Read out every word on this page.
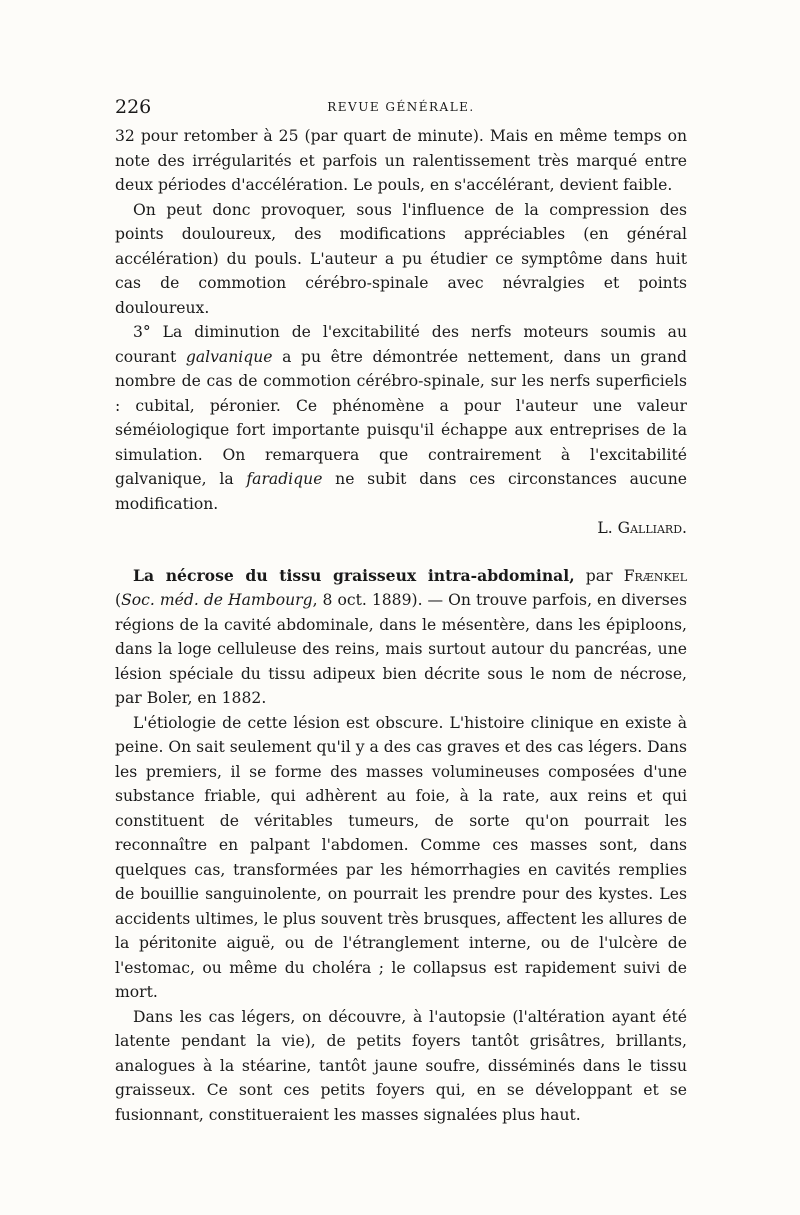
226	REVUE GÉNÉRALE.

32 pour retomber à 25 (par quart de minute). Mais en même temps on note des irrégularités et parfois un ralentissement très marqué entre deux périodes d'accélération. Le pouls, en s'accélérant, devient faible.

On peut donc provoquer, sous l'influence de la compression des points douloureux, des modifications appréciables (en général accélération) du pouls. L'auteur a pu étudier ce symptôme dans huit cas de commotion cérébro-spinale avec névralgies et points douloureux.

3° La diminution de l'excitabilité des nerfs moteurs soumis au courant galvanique a pu être démontrée nettement, dans un grand nombre de cas de commotion cérébro-spinale, sur les nerfs superficiels : cubital, péronier. Ce phénomène a pour l'auteur une valeur séméiologique fort importante puisqu'il échappe aux entreprises de la simulation. On remarquera que contrairement à l'excitabilité galvanique, la faradique ne subit dans ces circonstances aucune modification.

L. Galliard.

La nécrose du tissu graisseux intra-abdominal, par Frænkel (Soc. méd. de Hambourg, 8 oct. 1889). — On trouve parfois, en diverses régions de la cavité abdominale, dans le mésentère, dans les épiploons, dans la loge celluleuse des reins, mais surtout autour du pancréas, une lésion spéciale du tissu adipeux bien décrite sous le nom de nécrose, par Boler, en 1882.

L'étiologie de cette lésion est obscure. L'histoire clinique en existe à peine. On sait seulement qu'il y a des cas graves et des cas légers. Dans les premiers, il se forme des masses volumineuses composées d'une substance friable, qui adhèrent au foie, à la rate, aux reins et qui constituent de véritables tumeurs, de sorte qu'on pourrait les reconnaître en palpant l'abdomen. Comme ces masses sont, dans quelques cas, transformées par les hémorrhagies en cavités remplies de bouillie sanguinolente, on pourrait les prendre pour des kystes. Les accidents ultimes, le plus souvent très brusques, affectent les allures de la péritonite aiguë, ou de l'étranglement interne, ou de l'ulcère de l'estomac, ou même du choléra ; le collapsus est rapidement suivi de mort.

Dans les cas légers, on découvre, à l'autopsie (l'altération ayant été latente pendant la vie), de petits foyers tantôt grisâtres, brillants, analogues à la stéarine, tantôt jaune soufre, disséminés dans le tissu graisseux. Ce sont ces petits foyers qui, en se développant et se fusionnant, constitueraient les masses signalées plus haut.
